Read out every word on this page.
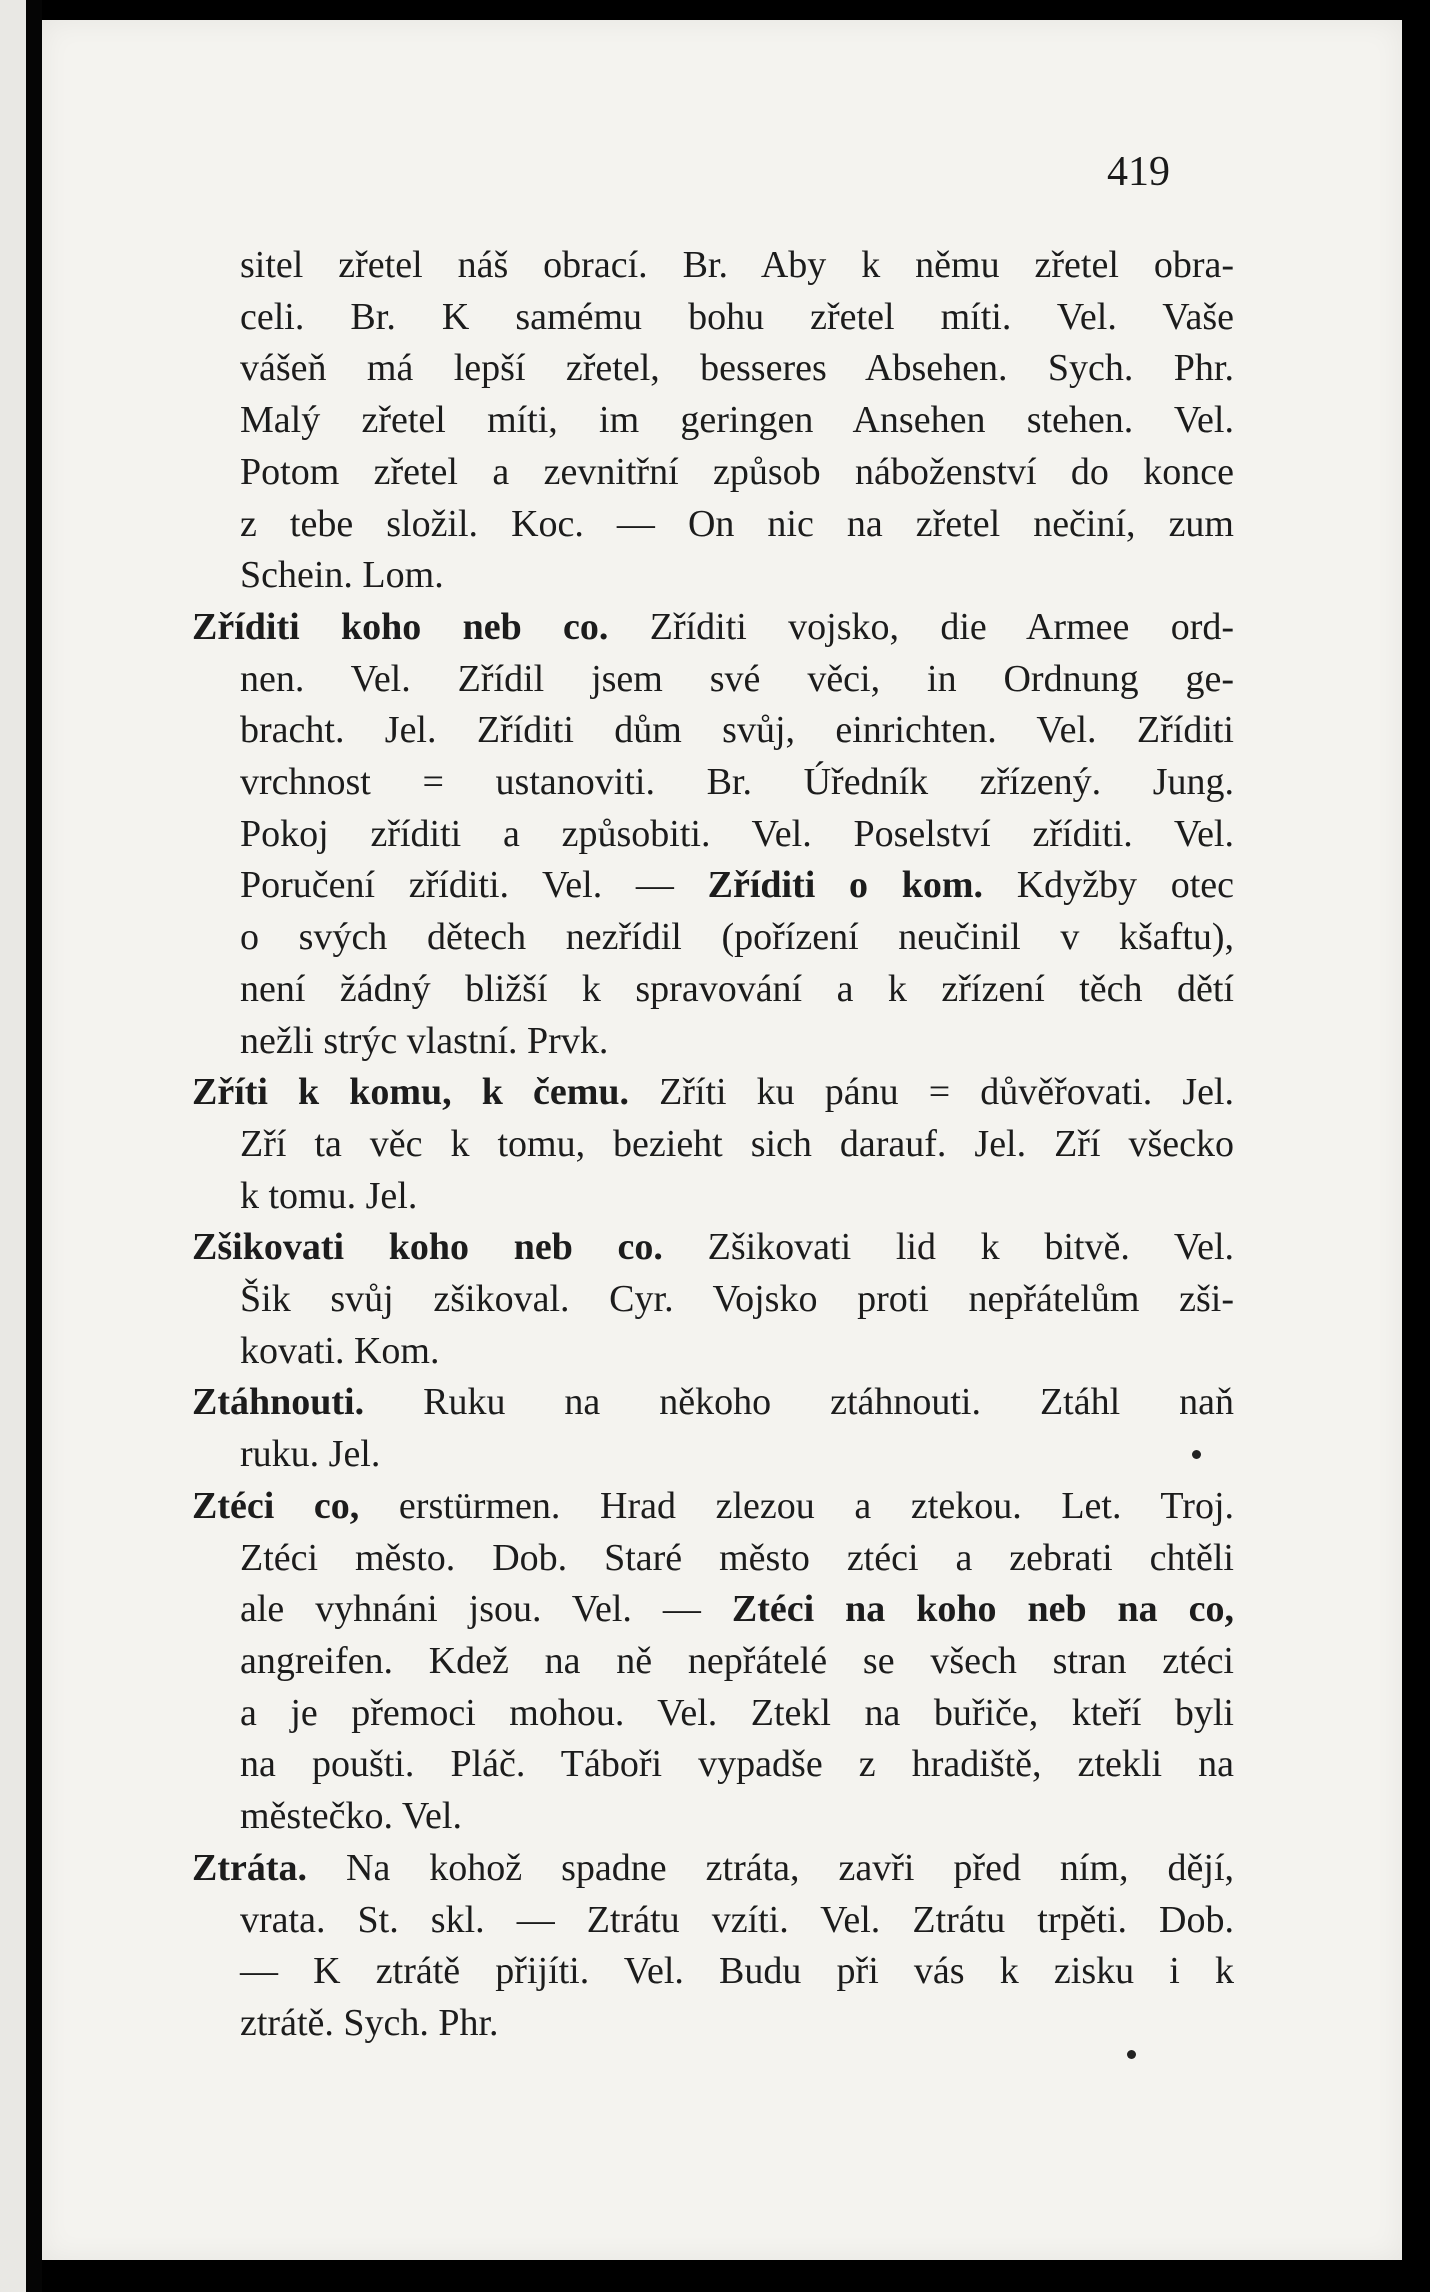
419
sitel zřetel náš obrací. Br. Aby k němu zřetel obra-
celi. Br. K samému bohu zřetel míti. Vel. Vaše
vášeň má lepší zřetel, besseres Absehen. Sych. Phr.
Malý zřetel míti, im geringen Ansehen stehen. Vel.
Potom zřetel a zevnitřní způsob náboženství do konce
z tebe složil. Koc. — On nic na zřetel nečiní, zum
Schein. Lom.
Zříditi koho neb co. Zříditi vojsko, die Armee ord-
nen. Vel. Zřídil jsem své věci, in Ordnung ge-
bracht. Jel. Zříditi dům svůj, einrichten. Vel. Zříditi
vrchnost = ustanoviti. Br. Úředník zřízený. Jung.
Pokoj zříditi a způsobiti. Vel. Poselství zříditi. Vel.
Poručení zříditi. Vel. — Zříditi o kom. Kdyžby otec
o svých dětech nezřídil (pořízení neučinil v kšaftu),
není žádný bližší k spravování a k zřízení těch dětí
nežli strýc vlastní. Prvk.
Zříti k komu, k čemu. Zříti ku pánu = důvěřovati. Jel.
Zří ta věc k tomu, bezieht sich darauf. Jel. Zří všecko
k tomu. Jel.
Zšikovati koho neb co. Zšikovati lid k bitvě. Vel.
Šik svůj zšikoval. Cyr. Vojsko proti nepřátelům zši-
kovati. Kom.
Ztáhnouti. Ruku na někoho ztáhnouti. Ztáhl naň
ruku. Jel.
Ztéci co, erstürmen. Hrad zlezou a ztekou. Let. Troj.
Ztéci město. Dob. Staré město ztéci a zebrati chtěli
ale vyhnáni jsou. Vel. — Ztéci na koho neb na co,
angreifen. Kdež na ně nepřátelé se všech stran ztéci
a je přemoci mohou. Vel. Ztekl na buřiče, kteří byli
na poušti. Pláč. Táboři vypadše z hradiště, ztekli na
městečko. Vel.
Ztráta. Na kohož spadne ztráta, zavři před ním, dějí,
vrata. St. skl. — Ztrátu vzíti. Vel. Ztrátu trpěti. Dob.
— K ztrátě přijíti. Vel. Budu při vás k zisku i k
ztrátě. Sych. Phr.
